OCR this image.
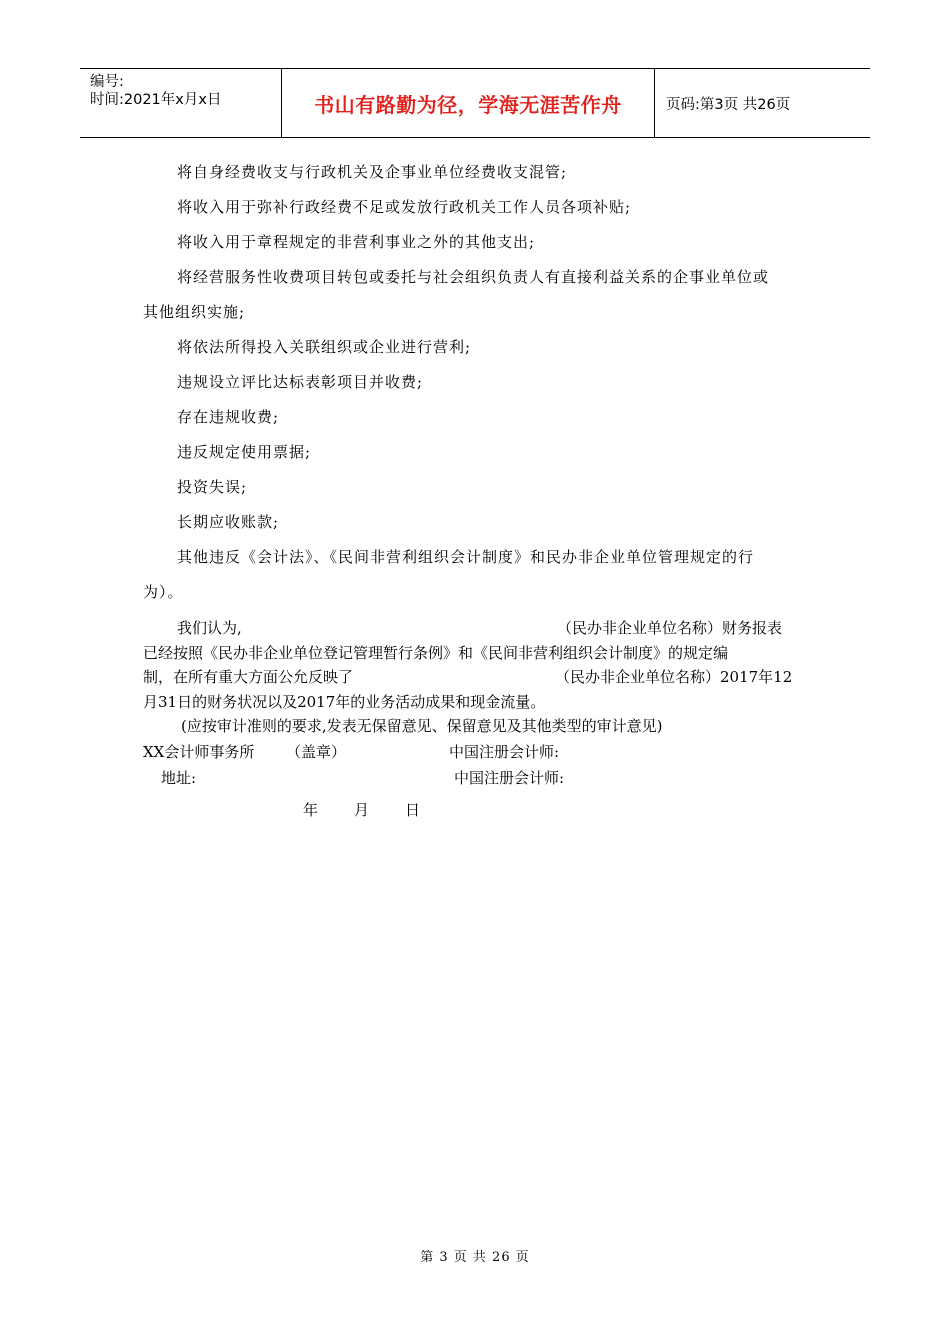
编号:
时间:2021年x月x日	书山有路勤为径，学海无涯苦作舟	页码:第3页 共26页

将自身经费收支与行政机关及企事业单位经费收支混管;

将收入用于弥补行政经费不足或发放行政机关工作人员各项补贴;

将收入用于章程规定的非营利事业之外的其他支出;

将经营服务性收费项目转包或委托与社会组织负责人有直接利益关系的企事业单位或

其他组织实施;

将依法所得投入关联组织或企业进行营利;

违规设立评比达标表彰项目并收费;

存在违规收费;

违反规定使用票据;

投资失误;

长期应收账款;

其他违反《会计法》、《民间非营利组织会计制度》和民办非企业单位管理规定的行

为）。

我们认为,	（民办非企业单位名称）财务报表

已经按照《民办非企业单位登记管理暂行条例》和《民间非营利组织会计制度》的规定编

制，在所有重大方面公允反映了	（民办非企业单位名称）2017年12

月31日的财务状况以及2017年的业务活动成果和现金流量。

(应按审计准则的要求,发表无保留意见、保留意见及其他类型的审计意见)

XX会计师事务所 （盖章）	中国注册会计师:
地址:	中国注册会计师:
年 月 日
第 3 页 共 26 页
